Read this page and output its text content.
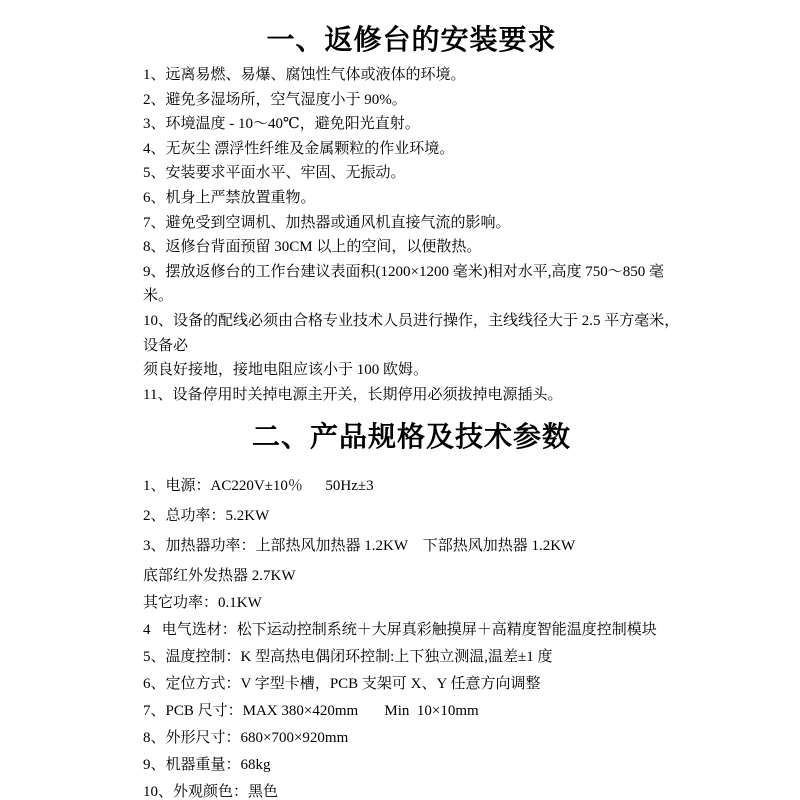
一、返修台的安装要求

1、远离易燃、易爆、腐蚀性气体或液体的环境。

2、避免多湿场所，空气湿度小于 90%。

3、环境温度 - 10～40℃，避免阳光直射。

4、无灰尘 漂浮性纤维及金属颗粒的作业环境。

5、安装要求平面水平、牢固、无振动。

6、机身上严禁放置重物。

7、避免受到空调机、加热器或通风机直接气流的影响。

8、返修台背面预留 30CM 以上的空间，以便散热。

9、摆放返修台的工作台建议表面积(1200×1200 毫米)相对水平,高度 750～850 毫米。

10、设备的配线必须由合格专业技术人员进行操作，主线线径大于 2.5 平方毫米，设备必

须良好接地，接地电阻应该小于 100 欧姆。

11、设备停用时关掉电源主开关，长期停用必须拔掉电源插头。

二、产品规格及技术参数

1、电源：AC220V±10％      50Hz±3

2、总功率：5.2KW

3、加热器功率：上部热风加热器 1.2KW    下部热风加热器 1.2KW

底部红外发热器 2.7KW

其它功率：0.1KW

4   电气选材：松下运动控制系统＋大屏真彩触摸屏＋高精度智能温度控制模块

5、温度控制：K 型高热电偶闭环控制:上下独立测温,温差±1 度

6、定位方式：V 字型卡槽，PCB 支架可 X、Y 任意方向调整

7、PCB 尺寸：MAX 380×420mm       Min  10×10mm

8、外形尺寸：680×700×920mm

9、机器重量：68kg

10、外观颜色：黑色
